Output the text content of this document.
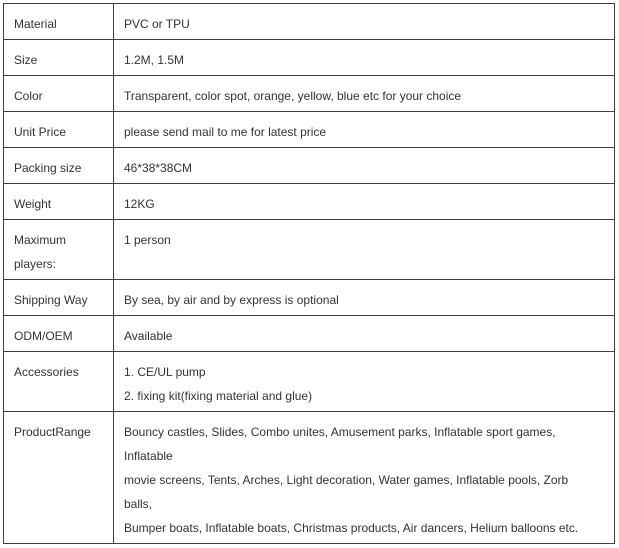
Material	PVC or TPU

Size	1.2M, 1.5M

Color	Transparent, color spot, orange, yellow, blue etc for your choice

Unit Price	please send mail to me for latest price

Packing size	46*38*38CM

Weight	12KG

Maximum
players:	1 person

Shipping Way	By sea, by air and by express is optional

ODM/OEM	Available

Accessories	1. CE/UL pump
2. fixing kit(fixing material and glue)

ProductRange	Bouncy castles, Slides, Combo unites, Amusement parks, Inflatable sport games,
Inflatable
movie screens, Tents, Arches, Light decoration, Water games, Inflatable pools, Zorb
balls,
Bumper boats, Inflatable boats, Christmas products, Air dancers, Helium balloons etc.
